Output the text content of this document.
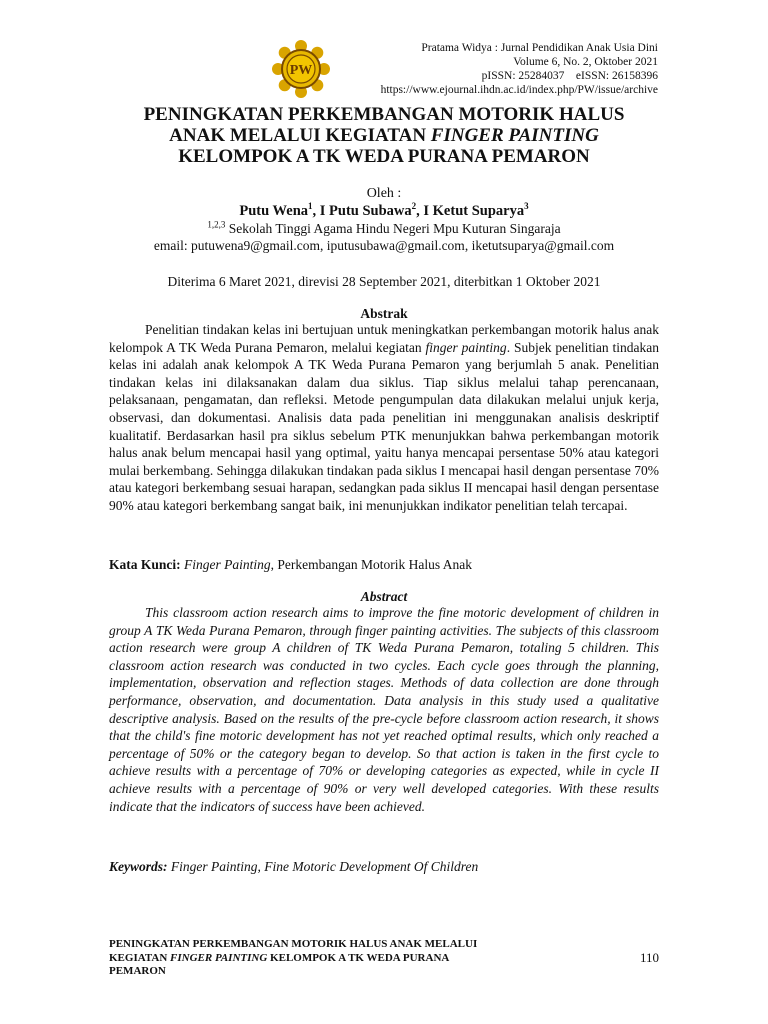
PW
Pratama Widya : Jurnal Pendidikan Anak Usia Dini
Volume 6, No. 2, Oktober 2021
pISSN: 25284037    eISSN: 26158396
https://www.ejournal.ihdn.ac.id/index.php/PW/issue/archive
PENINGKATAN PERKEMBANGAN MOTORIK HALUS
ANAK MELALUI KEGIATAN FINGER PAINTING
KELOMPOK A TK WEDA PURANA PEMARON
Oleh :
Putu Wena$^1$, I Putu Subawa$^2$, I Ketut Suparya$^3$
$^{1,2,3}$ Sekolah Tinggi Agama Hindu Negeri Mpu Kuturan Singaraja
email: putuwena9@gmail.com, iputusubawa@gmail.com, iketutsuparya@gmail.com
Diterima 6 Maret 2021, direvisi 28 September 2021, diterbitkan 1 Oktober 2021
Abstrak

Penelitian tindakan kelas ini bertujuan untuk meningkatkan perkembangan motorik halus anak kelompok A TK Weda Purana Pemaron, melalui kegiatan finger painting. Subjek penelitian tindakan kelas ini adalah anak kelompok A TK Weda Purana Pemaron yang berjumlah 5 anak. Penelitian tindakan kelas ini dilaksanakan dalam dua siklus. Tiap siklus melalui tahap perencanaan, pelaksanaan, pengamatan, dan refleksi. Metode pengumpulan data dilakukan melalui unjuk kerja, observasi, dan dokumentasi. Analisis data pada penelitian ini menggunakan analisis deskriptif kualitatif. Berdasarkan hasil pra siklus sebelum PTK menunjukkan bahwa perkembangan motorik halus anak belum mencapai hasil yang optimal, yaitu hanya mencapai persentase 50% atau kategori mulai berkembang. Sehingga dilakukan tindakan pada siklus I mencapai hasil dengan persentase 70% atau kategori berkembang sesuai harapan, sedangkan pada siklus II mencapai hasil dengan persentase 90% atau kategori berkembang sangat baik, ini menunjukkan indikator penelitian telah tercapai.

Kata Kunci: Finger Painting, Perkembangan Motorik Halus Anak
Abstract

This classroom action research aims to improve the fine motoric development of children in group A TK Weda Purana Pemaron, through finger painting activities. The subjects of this classroom action research were group A children of TK Weda Purana Pemaron, totaling 5 children. This classroom action research was conducted in two cycles. Each cycle goes through the planning, implementation, observation and reflection stages. Methods of data collection are done through performance, observation, and documentation. Data analysis in this study used a qualitative descriptive analysis. Based on the results of the pre-cycle before classroom action research, it shows that the child's fine motoric development has not yet reached optimal results, which only reached a percentage of 50% or the category began to develop. So that action is taken in the first cycle to achieve results with a percentage of 70% or developing categories as expected, while in cycle II achieve results with a percentage of 90% or very well developed categories. With these results indicate that the indicators of success have been achieved.

Keywords: Finger Painting, Fine Motoric Development Of Children
PENINGKATAN PERKEMBANGAN MOTORIK HALUS ANAK MELALUI
KEGIATAN FINGER PAINTING KELOMPOK A TK WEDA PURANA
PEMARON
110
